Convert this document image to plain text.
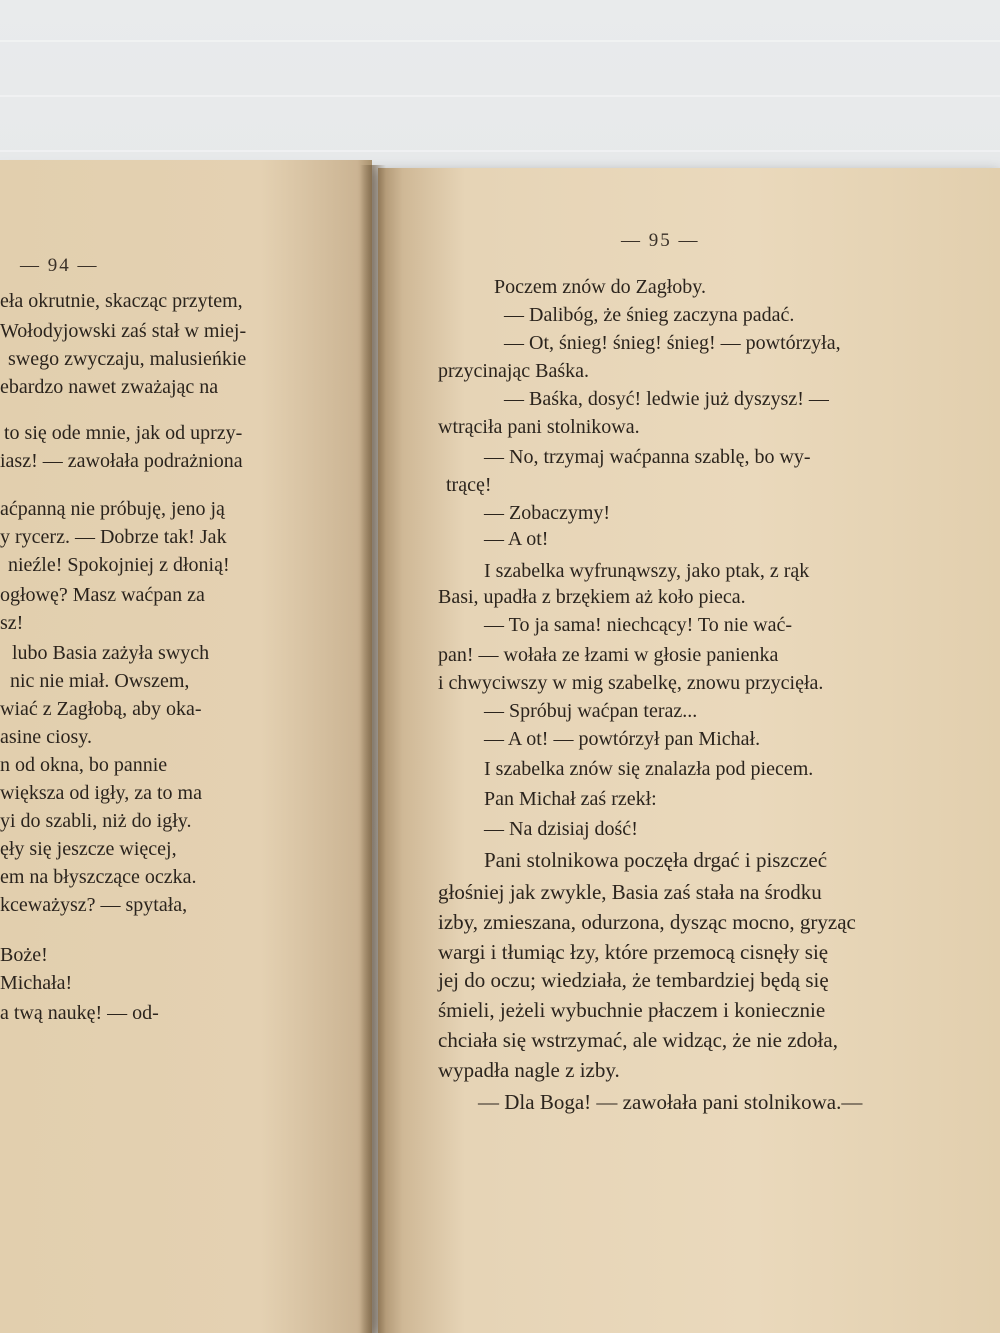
— 94 —
eła okrutnie, skacząc przytem,
Wołodyjowski zaś stał w miej-
swego zwyczaju, malusieńkie
ebardzo nawet zważając na
to się ode mnie, jak od uprzy-
iasz! — zawołała podrażniona
aćpanną nie próbuję, jeno ją
y rycerz. — Dobrze tak! Jak
nieźle! Spokojniej z dłonią!
ogłowę? Masz waćpan za
sz!
lubo Basia zażyła swych
nic nie miał. Owszem,
wiać z Zagłobą, aby oka-
asine ciosy.
n od okna, bo pannie
większa od igły, za to ma
yi do szabli, niż do igły.
ęły się jeszcze więcej,
em na błyszczące oczka.
kceważysz? — spytała,
Boże!
Michała!
a twą naukę! — od-
— 95 —
Poczem znów do Zagłoby.
— Dalibóg, że śnieg zaczyna padać.
— Ot, śnieg! śnieg! śnieg! — powtórzyła,
przycinając Baśka.
— Baśka, dosyć! ledwie już dyszysz! —
wtrąciła pani stolnikowa.
— No, trzymaj waćpanna szablę, bo wy-
trącę!
— Zobaczymy!
— A ot!
I szabelka wyfrunąwszy, jako ptak, z rąk
Basi, upadła z brzękiem aż koło pieca.
— To ja sama! niechcący! To nie wać-
pan! — wołała ze łzami w głosie panienka
i chwyciwszy w mig szabelkę, znowu przycięła.
— Spróbuj waćpan teraz...
— A ot! — powtórzył pan Michał.
I szabelka znów się znalazła pod piecem.
Pan Michał zaś rzekł:
— Na dzisiaj dość!
Pani stolnikowa poczęła drgać i piszczeć
głośniej jak zwykle, Basia zaś stała na środku
izby, zmieszana, odurzona, dysząc mocno, gryząc
wargi i tłumiąc łzy, które przemocą cisnęły się
jej do oczu; wiedziała, że tembardziej będą się
śmieli, jeżeli wybuchnie płaczem i koniecznie
chciała się wstrzymać, ale widząc, że nie zdoła,
wypadła nagle z izby.
— Dla Boga! — zawołała pani stolnikowa.—
